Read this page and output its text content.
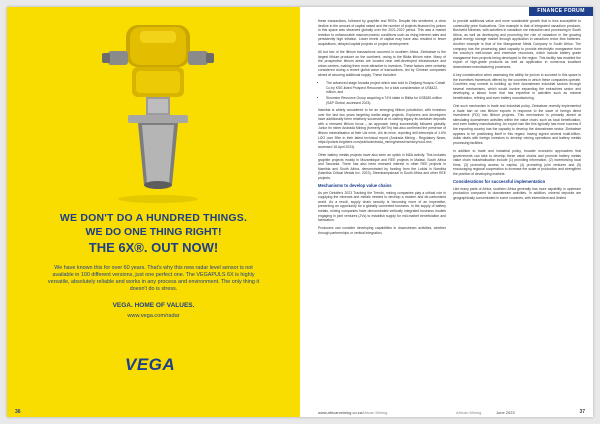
WE DON'T DO A HUNDRED THINGS.
WE DO ONE THING RIGHT!
THE 6X®. OUT NOW!
We have known this for over 60 years. That's why this new radar level sensor is not available in 100 different versions, just one perfect one. The VEGAPULS 6X is highly versatile, absolutely reliable and works in any process and environment. The only thing it doesn't do is stress.
VEGA. HOME OF VALUES.
www.vega.com/radar
VEGA
FINANCE FORUM

these transactions, followed by graphite and REEs. Despite this sentiment, a clear decline in the amount of capital raised and the number of projects financed by juniors in this space was observed globally over the 2021-2022 period. This was a market reaction to unfavourable macroeconomic conditions such as rising interest rates and persistently high inflation. Lower levels of capital may have also resulted in fewer acquisitions, delayed capital projects or project development.

All but two of the lithium transactions occurred in southern Africa. Zimbabwe is the largest lithium producer on the continent, owing to the Bikita lithium mine. Many of the prospective lithium areas are located near well-developed infrastructure and urban centres, making them more attractive to investors. These factors were certainly considered during a recent global wave of transactions, led by Chinese companies aimed at securing additional supply. These included:

• The advanced-stage Arcadia project which was sold to Zhejiang Huayou Cobalt Co by KSE-listed Prospect Resources, for a total consideration of US$422-million, and
• Sinomine Resource Group acquiring a 74% stake in Bikita for US$180-million (S&P Global, accessed 2023).

Namibia is widely considered to be an emerging lithium jurisdiction, with investors over the last two years targeting earlier-stage projects. Explorers and developers have additionally been relatively successful at re-visiting legacy tin-tantalum deposits with a renewed lithium focus – an approach being successfully followed globally. Junior tin miner Andrada Mining (formerly AfriTin) has also confirmed the presence of lithium mineralisation at their Uis mine, Uis tin mine, reporting drill intercepts of 1.6% Li2O over 59m in their latest technical report (Andrada Mining - Regulatory News, https://polaris.brighterir.com/public/andrada_mining/news/rns/story/xoo1rmx, accessed 18 April 2023).

Other battery metals projects have also seen an uptick in M&A activity. This includes graphite projects mostly in Mozambique and REE projects in Malawi, South Africa and Tanzania. There has also been renewed interest in other REE projects in Namibia and South Africa, demonstrated by funding from the Lofdal in Namibia (Namibia Critical Metals Inc. 2023), Steenkampskraal in South Africa and other REE projects.

Mechanisms to develop value chains

As per Deloitte's 2023 Tracking the Trends, mining companies play a critical role in supplying the minerals and metals needed to develop a modern and de-carbonised world. As a result, supply chain security is becoming more of an imperative, presenting an opportunity for a globally connected business. In the supply of battery metals, mining companies have demonstrated vertically integrated business models engaging in joint ventures (JVs) to establish supply for mid-market beneficiation and fabrication.

Producers can consider developing capabilities in downstream activities, whether through partnerships or vertical integration,

to provide additional value and more sustainable growth that is less susceptible to commodity price fluctuations. One example is that of integrated vanadium producer, Bushveld Minerals, with activities in vanadium ore extraction and processing in South Africa, as well as developing and promoting the role of vanadium in the growing global energy storage market through application in vanadium redox flow batteries. Another example is that of the Manganese Metal Company in South Africa. The company has the processing plant capacity to provide electrolytic manganese from the country's well-known and extensive resources, which include battery grade manganese from projects being developed in the region. This facility has enabled the export of high-grade products as well as application in numerous localised downstream manufacturing processes.

A key consideration when assessing the ability for juniors to succeed in this space is the incentives framework offered by the countries in which these companies operate. Countries may commit to building up their downstream industrial sectors through several mechanisms, which would involve expanding the extractives sector and developing a labour force that has expertise in activities such as mineral beneficiation, refining and even battery manufacturing.

One such mechanism is trade and industrial policy. Zimbabwe recently implemented a trade ban on raw lithium exports in response to the wave of foreign direct investment (FDI) into lithium projects. This mechanism is primarily aimed at stimulating downstream activities within the value chain, such as local beneficiation, and even battery manufacturing. An export ban like this typically has more success if the exporting country has the capacity to develop the downstream sector. Zimbabwe appears to be positioning itself in this regard, having signed several multi-billion-dollar deals with foreign investors to develop mining operations and battery metals processing facilities.

In addition to trade and industrial policy, broader economic approaches that governments can take to develop these value chains and promote battery metals value chain industrialisation include (1) providing information, (2) incentivising local firms, (3) promoting access to capital, (4) promoting joint ventures and (5) encouraging regional cooperation to increase the scale of production and strengthen the position of developing markets.

Considerations for successful implementation

Like many parts of Africa, southern Africa generally has more capability in upstream production compared to downstream activities. In addition, mineral deposits are geographically concentrated in some countries, with intermittent and limited

36	www.africanmining.co.za African Mining	African Mining	June 2023	37
